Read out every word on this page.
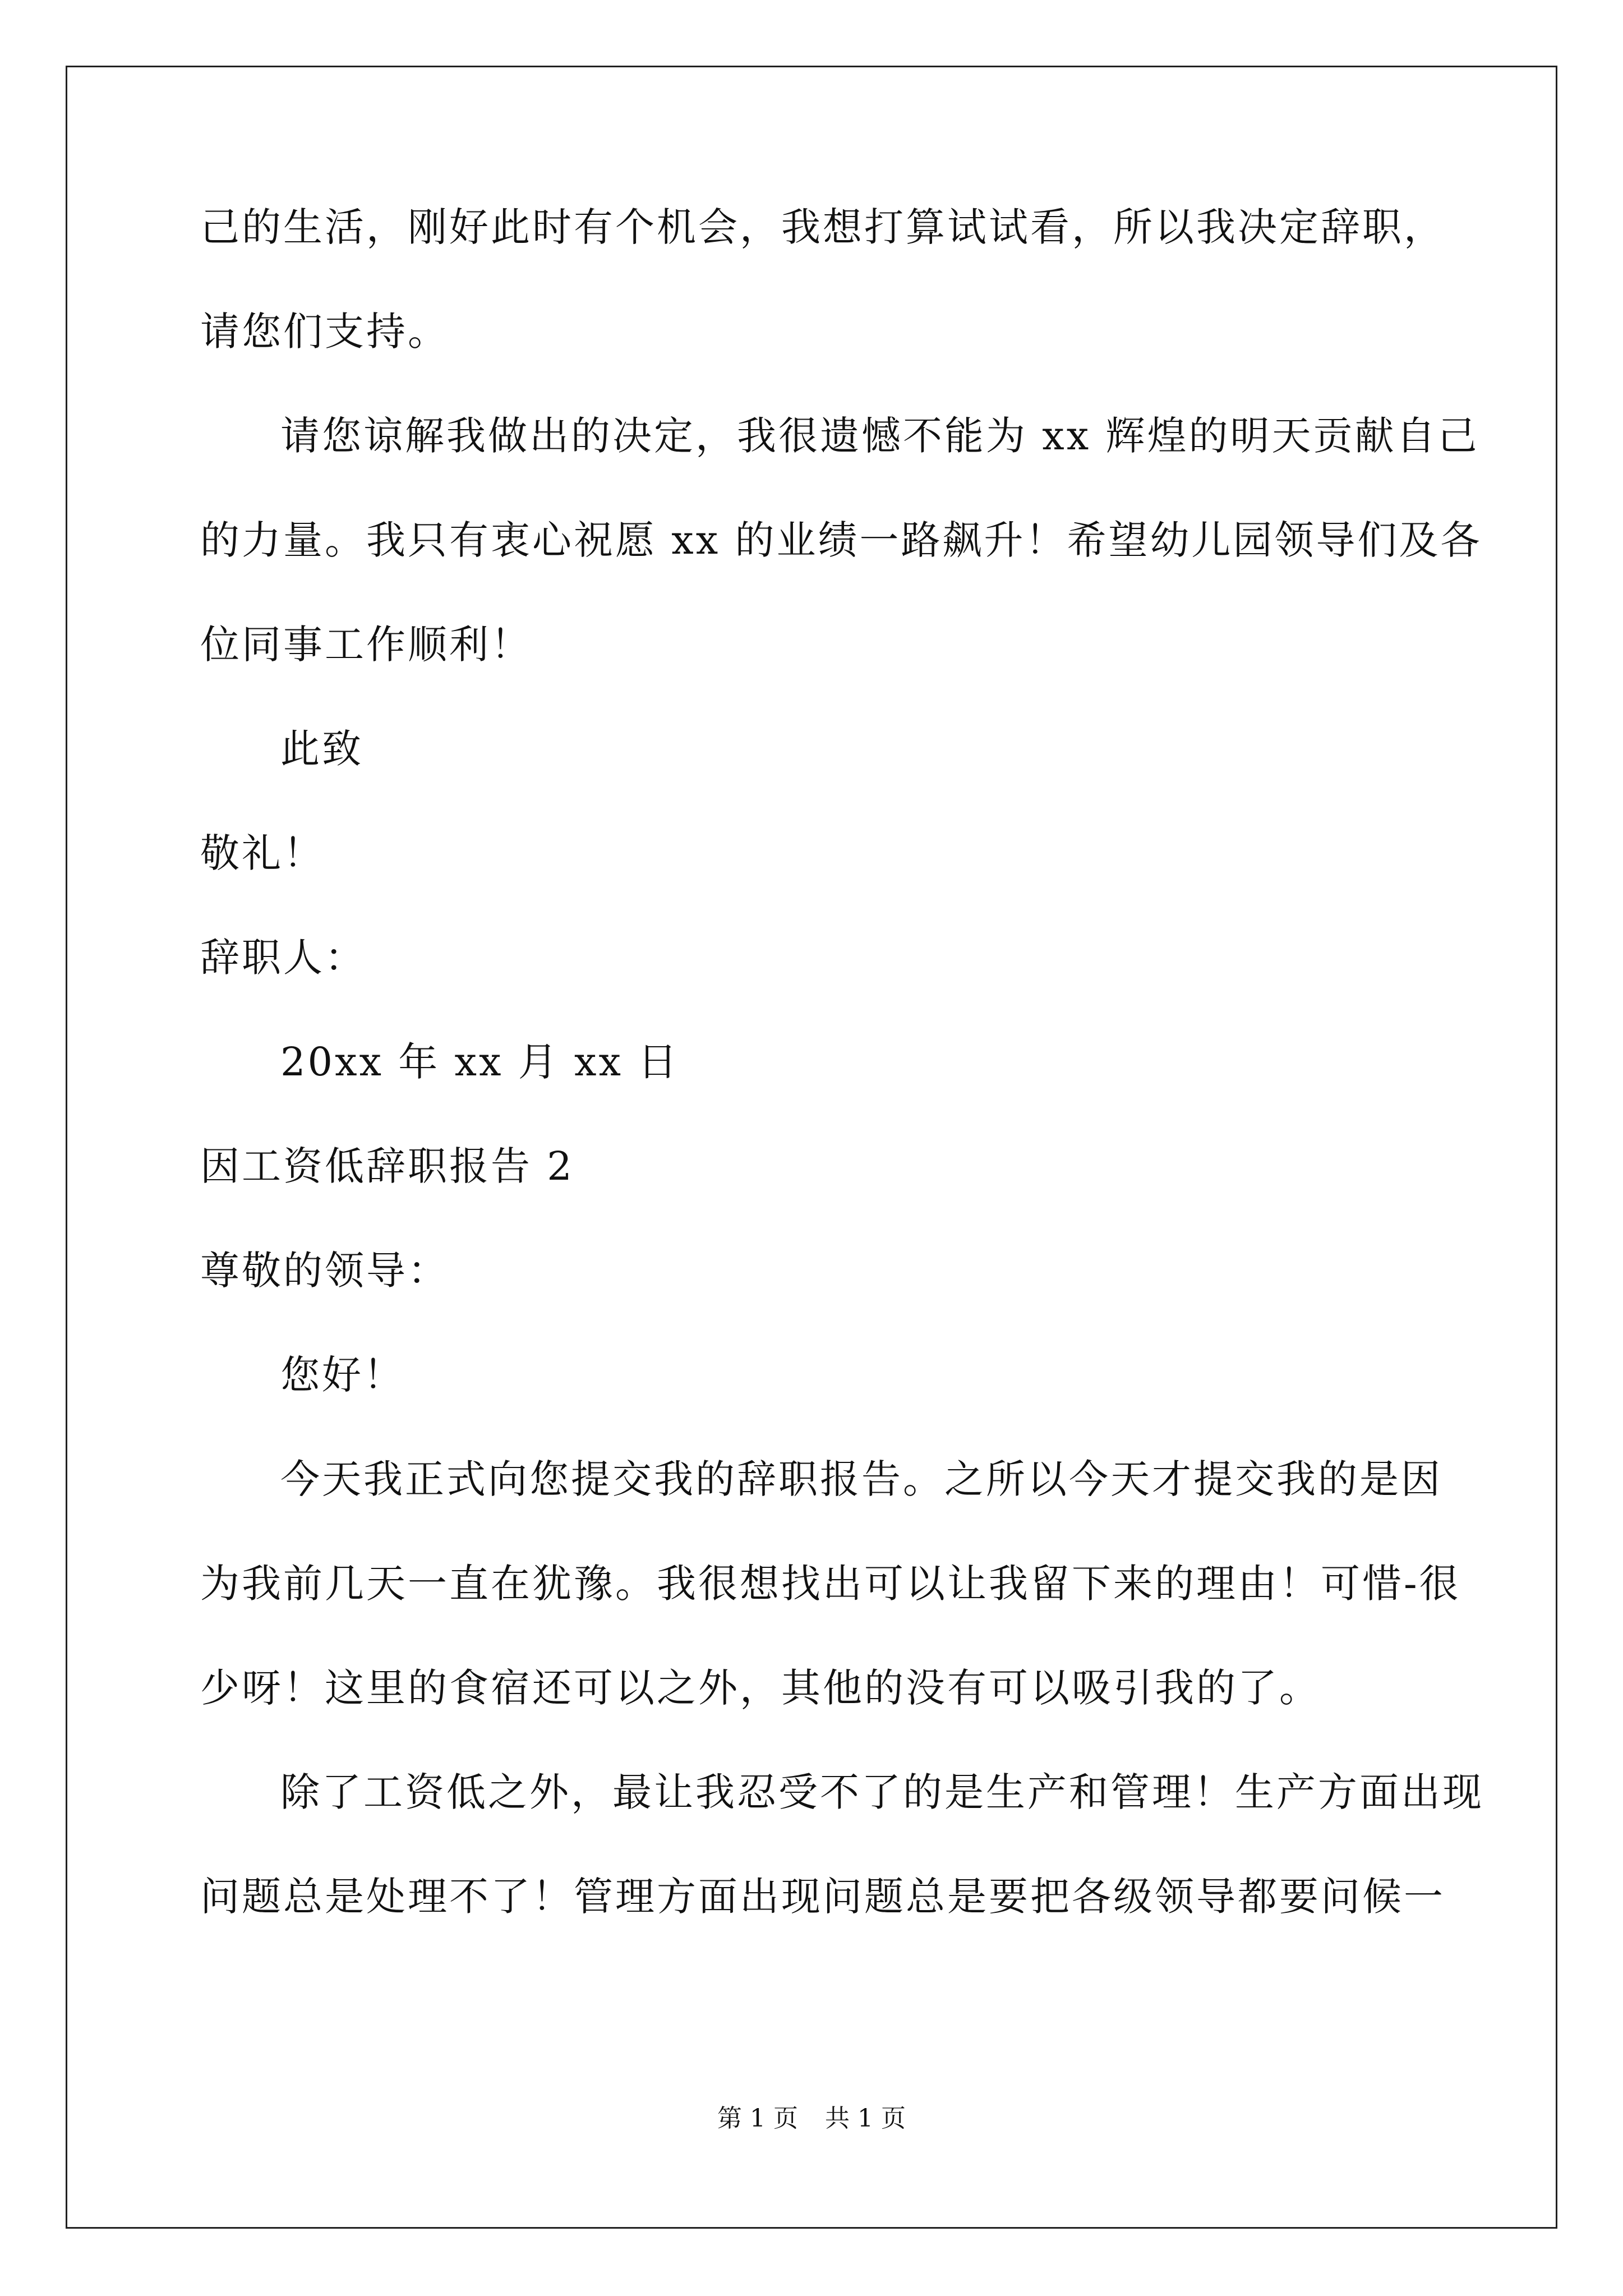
己的生活，刚好此时有个机会，我想打算试试看，所以我决定辞职，
请您们支持。
请您谅解我做出的决定，我很遗憾不能为 xx 辉煌的明天贡献自己
的力量。我只有衷心祝愿 xx 的业绩一路飙升！希望幼儿园领导们及各
位同事工作顺利！
此致
敬礼！
辞职人：
20xx 年 xx 月 xx 日
因工资低辞职报告 2
尊敬的领导：
您好！
今天我正式向您提交我的辞职报告。之所以今天才提交我的是因
为我前几天一直在犹豫。我很想找出可以让我留下来的理由！可惜-很
少呀！这里的食宿还可以之外，其他的没有可以吸引我的了。
除了工资低之外，最让我忍受不了的是生产和管理！生产方面出现
问题总是处理不了！管理方面出现问题总是要把各级领导都要问候一
第 1 页 共 1 页
